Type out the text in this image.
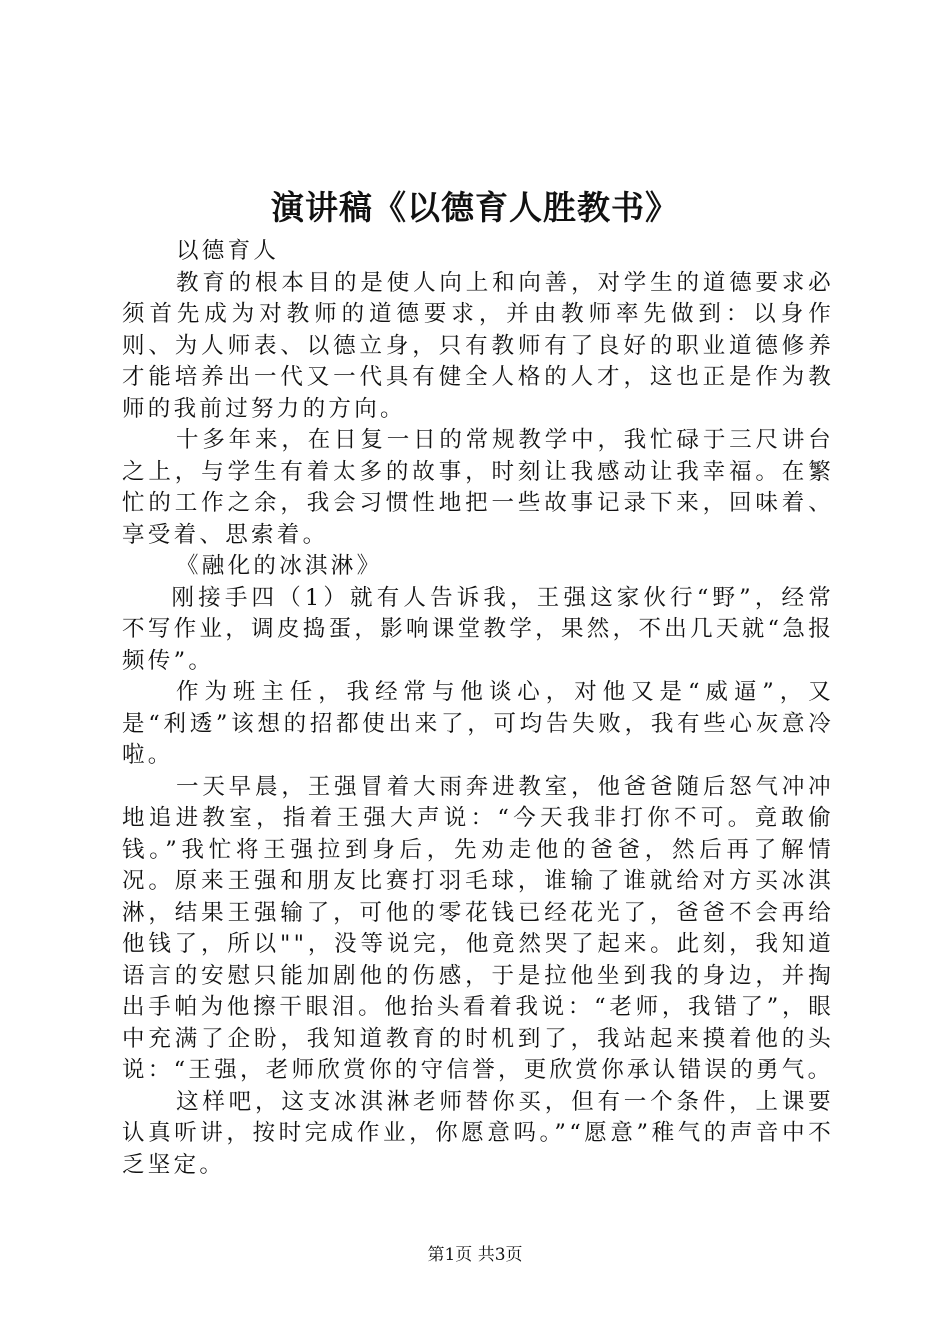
演讲稿《以德育人胜教书》

以德育人

教育的根本目的是使人向上和向善，对学生的道德要求必须首先成为对教师的道德要求，并由教师率先做到：以身作则、为人师表、以德立身，只有教师有了良好的职业道德修养才能培养出一代又一代具有健全人格的人才，这也正是作为教师的我前过努力的方向。

十多年来，在日复一日的常规教学中，我忙碌于三尺讲台之上，与学生有着太多的故事，时刻让我感动让我幸福。在繁忙的工作之余，我会习惯性地把一些故事记录下来，回味着、享受着、思索着。

《融化的冰淇淋》

刚接手四（1）就有人告诉我，王强这家伙行“野”，经常不写作业，调皮捣蛋，影响课堂教学，果然，不出几天就“急报频传”。

作为班主任，我经常与他谈心，对他又是“威逼”，又是“利透”该想的招都使出来了，可均告失败，我有些心灰意冷啦。

一天早晨，王强冒着大雨奔进教室，他爸爸随后怒气冲冲地追进教室，指着王强大声说：“今天我非打你不可。竟敢偷钱。”我忙将王强拉到身后，先劝走他的爸爸，然后再了解情况。原来王强和朋友比赛打羽毛球，谁输了谁就给对方买冰淇淋，结果王强输了，可他的零花钱已经花光了，爸爸不会再给他钱了，所以""，没等说完，他竟然哭了起来。此刻，我知道语言的安慰只能加剧他的伤感，于是拉他坐到我的身边，并掏出手帕为他擦干眼泪。他抬头看着我说：“老师，我错了”，眼中充满了企盼，我知道教育的时机到了，我站起来摸着他的头说：“王强，老师欣赏你的守信誉，更欣赏你承认错误的勇气。

这样吧，这支冰淇淋老师替你买，但有一个条件，上课要认真听讲，按时完成作业，你愿意吗。”“愿意”稚气的声音中不乏坚定。

第1页 共3页
